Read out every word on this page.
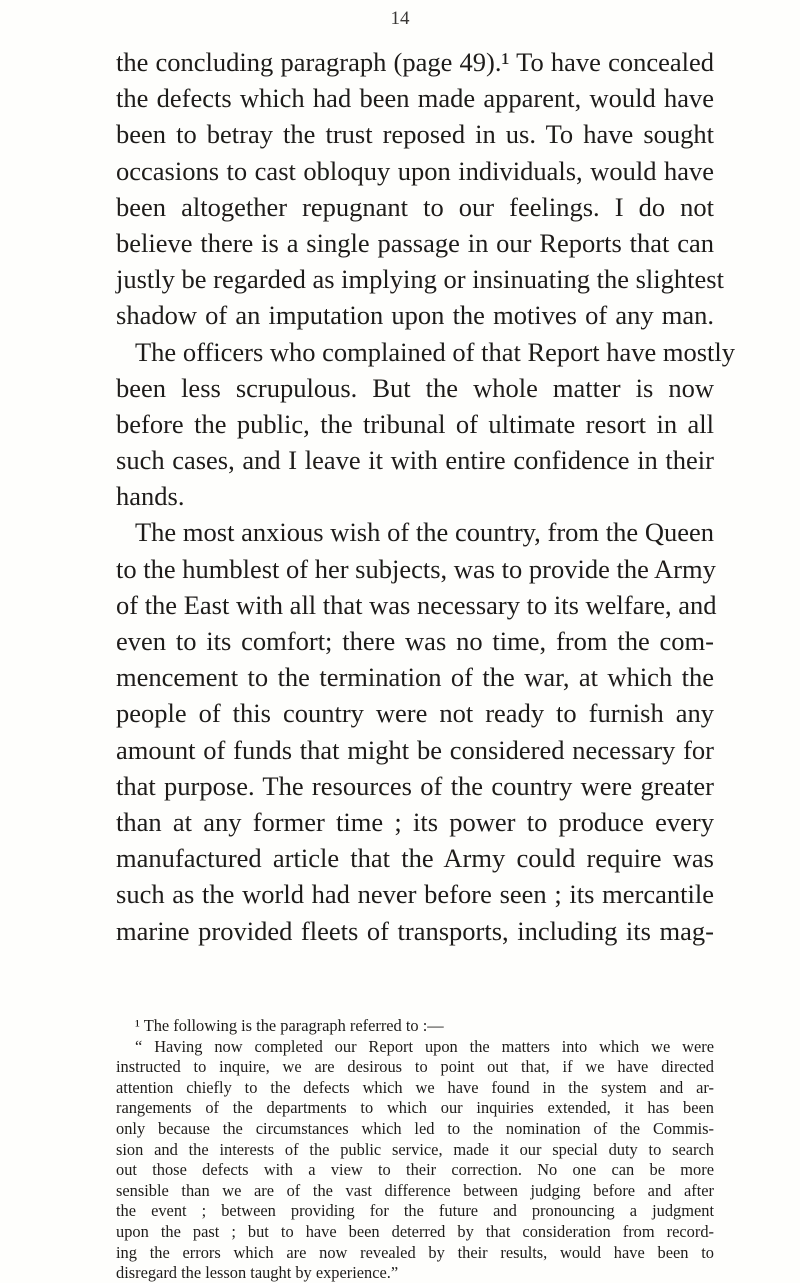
14
the concluding paragraph (page 49).¹ To have concealed
the defects which had been made apparent, would have
been to betray the trust reposed in us. To have sought
occasions to cast obloquy upon individuals, would have
been altogether repugnant to our feelings. I do not
believe there is a single passage in our Reports that can
justly be regarded as implying or insinuating the slightest
shadow of an imputation upon the motives of any man.
The officers who complained of that Report have mostly
been less scrupulous. But the whole matter is now
before the public, the tribunal of ultimate resort in all
such cases, and I leave it with entire confidence in their
hands.
The most anxious wish of the country, from the Queen
to the humblest of her subjects, was to provide the Army
of the East with all that was necessary to its welfare, and
even to its comfort; there was no time, from the com-
mencement to the termination of the war, at which the
people of this country were not ready to furnish any
amount of funds that might be considered necessary for
that purpose. The resources of the country were greater
than at any former time ; its power to produce every
manufactured article that the Army could require was
such as the world had never before seen ; its mercantile
marine provided fleets of transports, including its mag-
¹ The following is the paragraph referred to :—
“ Having now completed our Report upon the matters into which we were
instructed to inquire, we are desirous to point out that, if we have directed
attention chiefly to the defects which we have found in the system and ar-
rangements of the departments to which our inquiries extended, it has been
only because the circumstances which led to the nomination of the Commis-
sion and the interests of the public service, made it our special duty to search
out those defects with a view to their correction. No one can be more
sensible than we are of the vast difference between judging before and after
the event ; between providing for the future and pronouncing a judgment
upon the past ; but to have been deterred by that consideration from record-
ing the errors which are now revealed by their results, would have been to
disregard the lesson taught by experience.”
